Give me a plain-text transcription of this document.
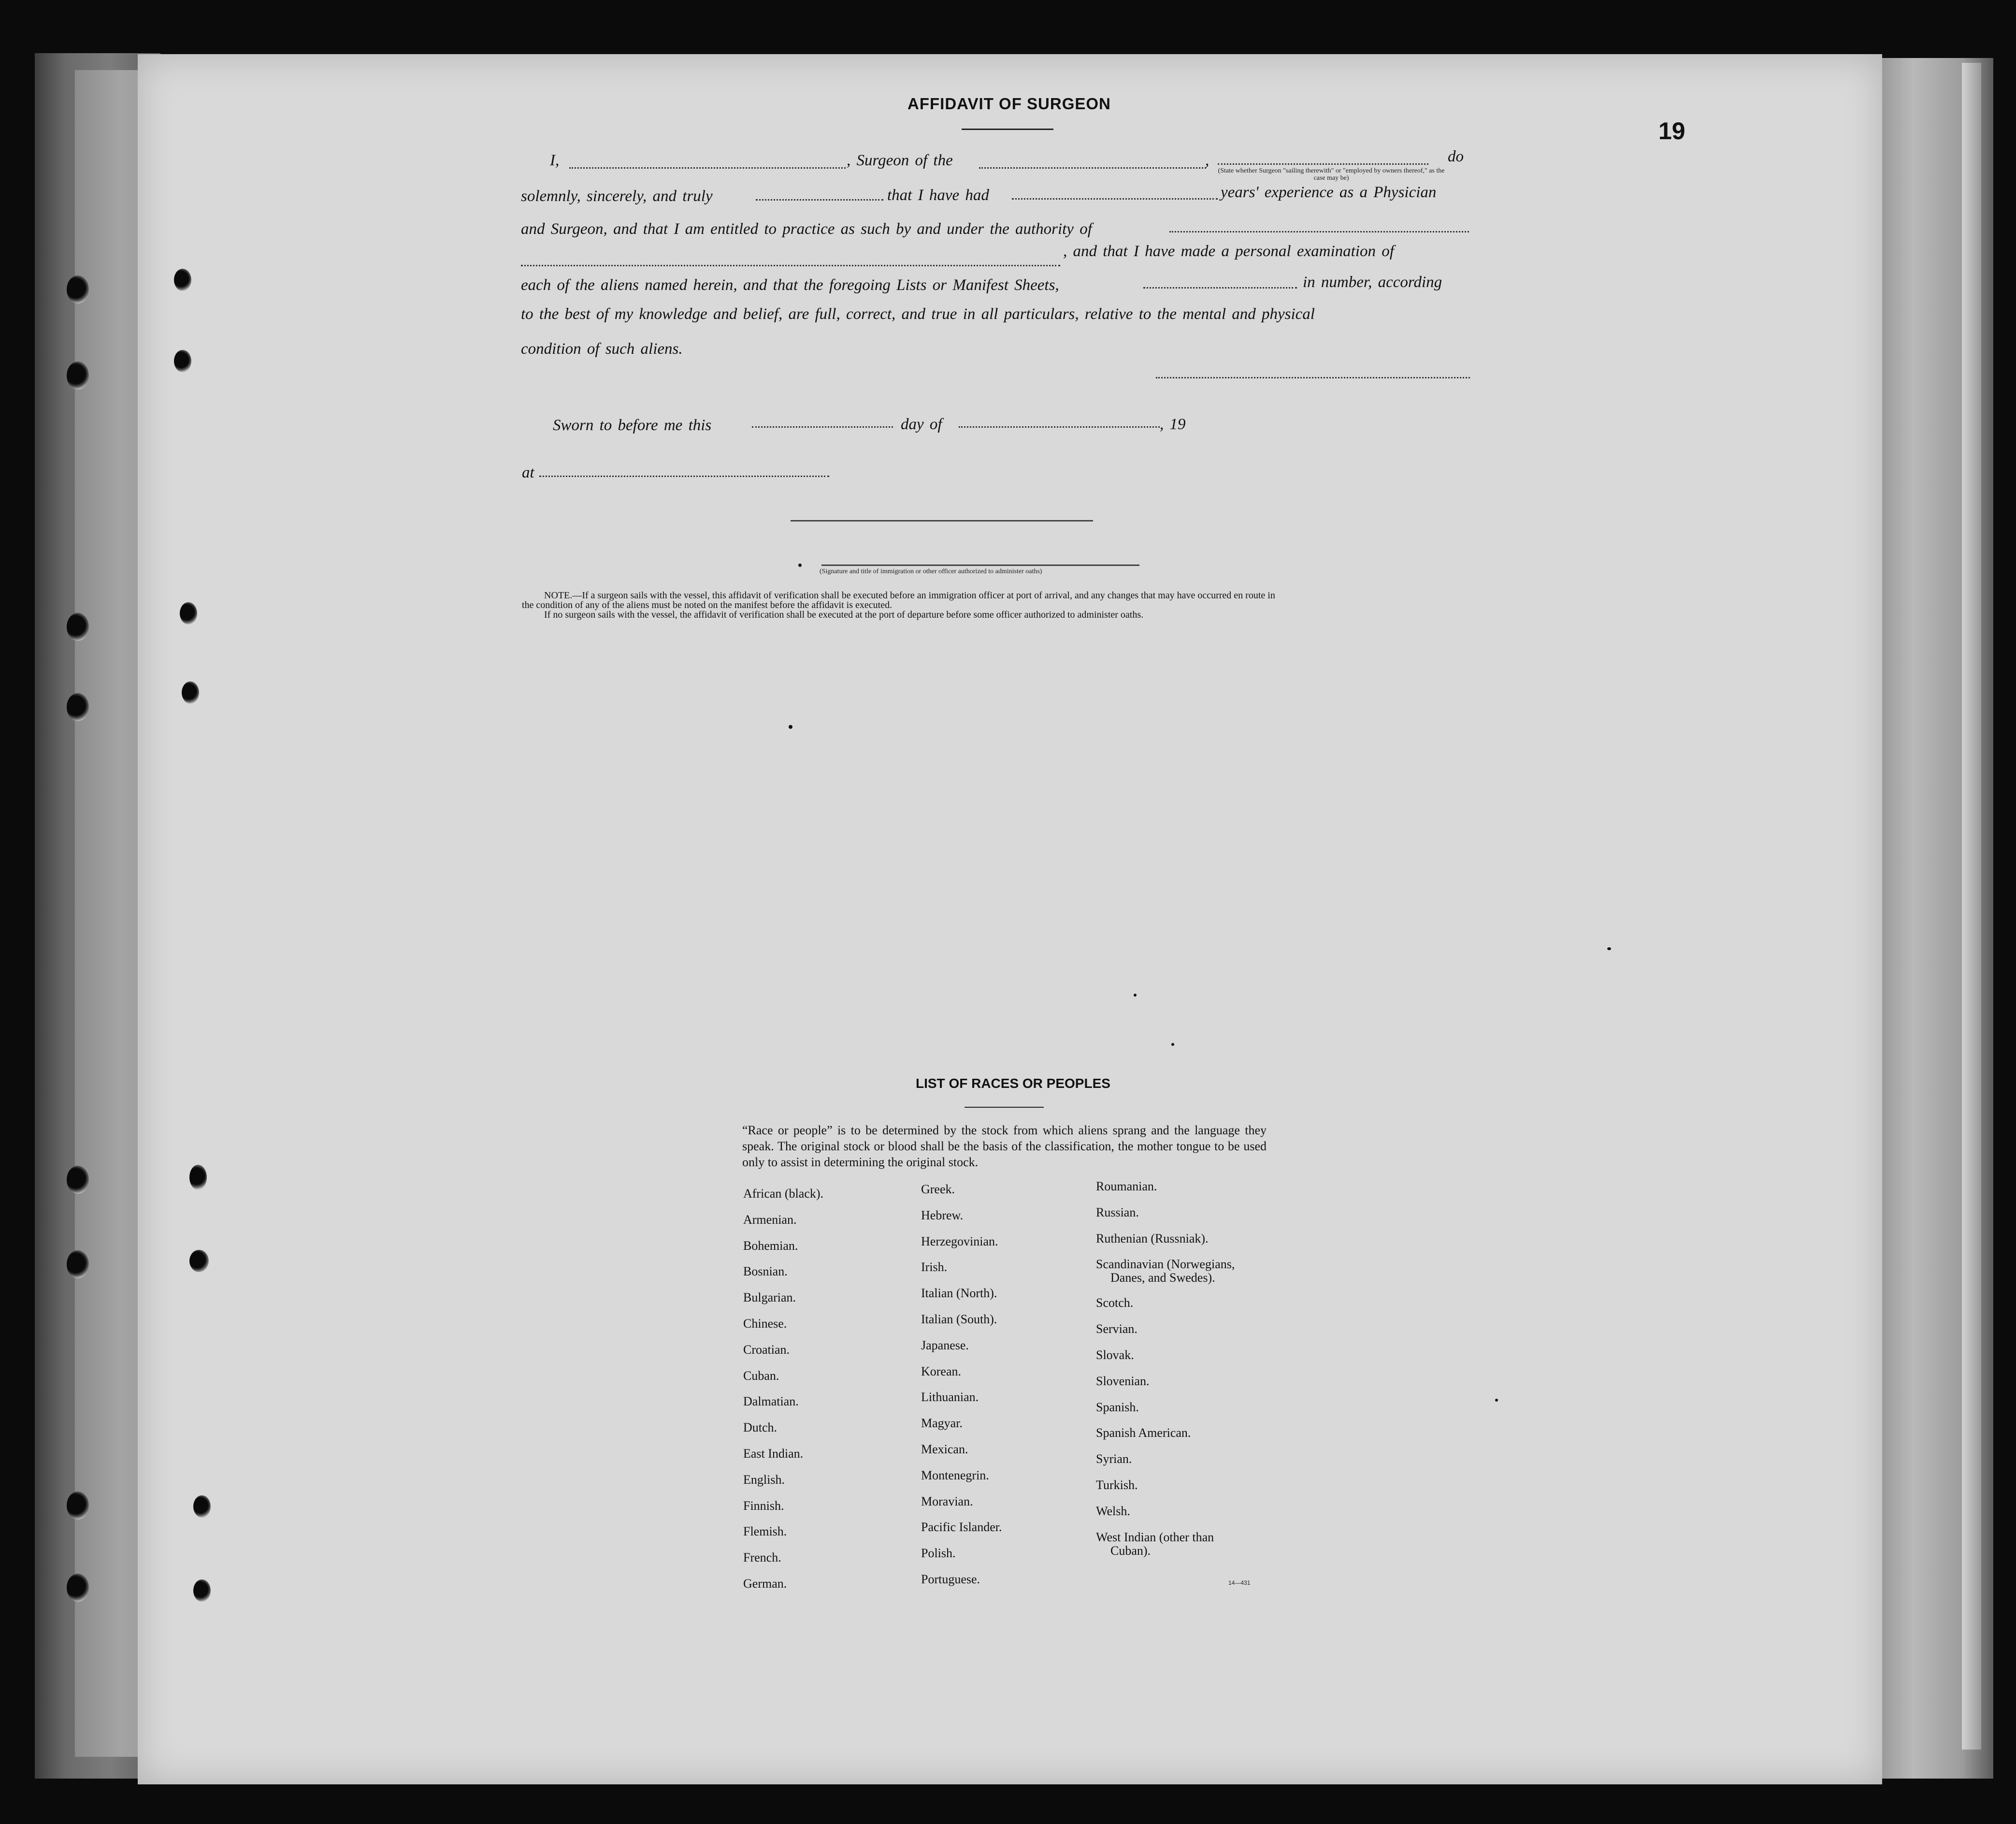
19
AFFIDAVIT OF SURGEON
I,	, Surgeon of the	,	do
(State whether Surgeon "sailing therewith" or "employed by owners thereof," as the case may be)
solemnly, sincerely, and truly	that I have had	years' experience as a Physician
and Surgeon, and that I am entitled to practice as such by and under the authority of
, and that I have made a personal examination of
each of the aliens named herein, and that the foregoing Lists or Manifest Sheets,	in number, according
to the best of my knowledge and belief, are full, correct, and true in all particulars, relative to the mental and physical
condition of such aliens.
Sworn to before me this	day of	, 19
at
(Signature and title of immigration or other officer authorized to administer oaths)
NOTE.—If a surgeon sails with the vessel, this affidavit of verification shall be executed before an immigration officer at port of arrival, and any changes that may have occurred en route in
the condition of any of the aliens must be noted on the manifest before the affidavit is executed.
If no surgeon sails with the vessel, the affidavit of verification shall be executed at the port of departure before some officer authorized to administer oaths.
LIST OF RACES OR PEOPLES
“Race or people” is to be determined by the stock from which aliens sprang and the language they speak. The original stock or blood shall be the basis of the classification, the mother tongue to be used only to assist in determining the original stock.
African (black).
Armenian.
Bohemian.
Bosnian.
Bulgarian.
Chinese.
Croatian.
Cuban.
Dalmatian.
Dutch.
East Indian.
English.
Finnish.
Flemish.
French.
German.
Greek.
Hebrew.
Herzegovinian.
Irish.
Italian (North).
Italian (South).
Japanese.
Korean.
Lithuanian.
Magyar.
Mexican.
Montenegrin.
Moravian.
Pacific Islander.
Polish.
Portuguese.
Roumanian.
Russian.
Ruthenian (Russniak).
Scandinavian (Norwegians,
Danes, and Swedes).
Scotch.
Servian.
Slovak.
Slovenian.
Spanish.
Spanish American.
Syrian.
Turkish.
Welsh.
West Indian (other than
Cuban).
14—431
